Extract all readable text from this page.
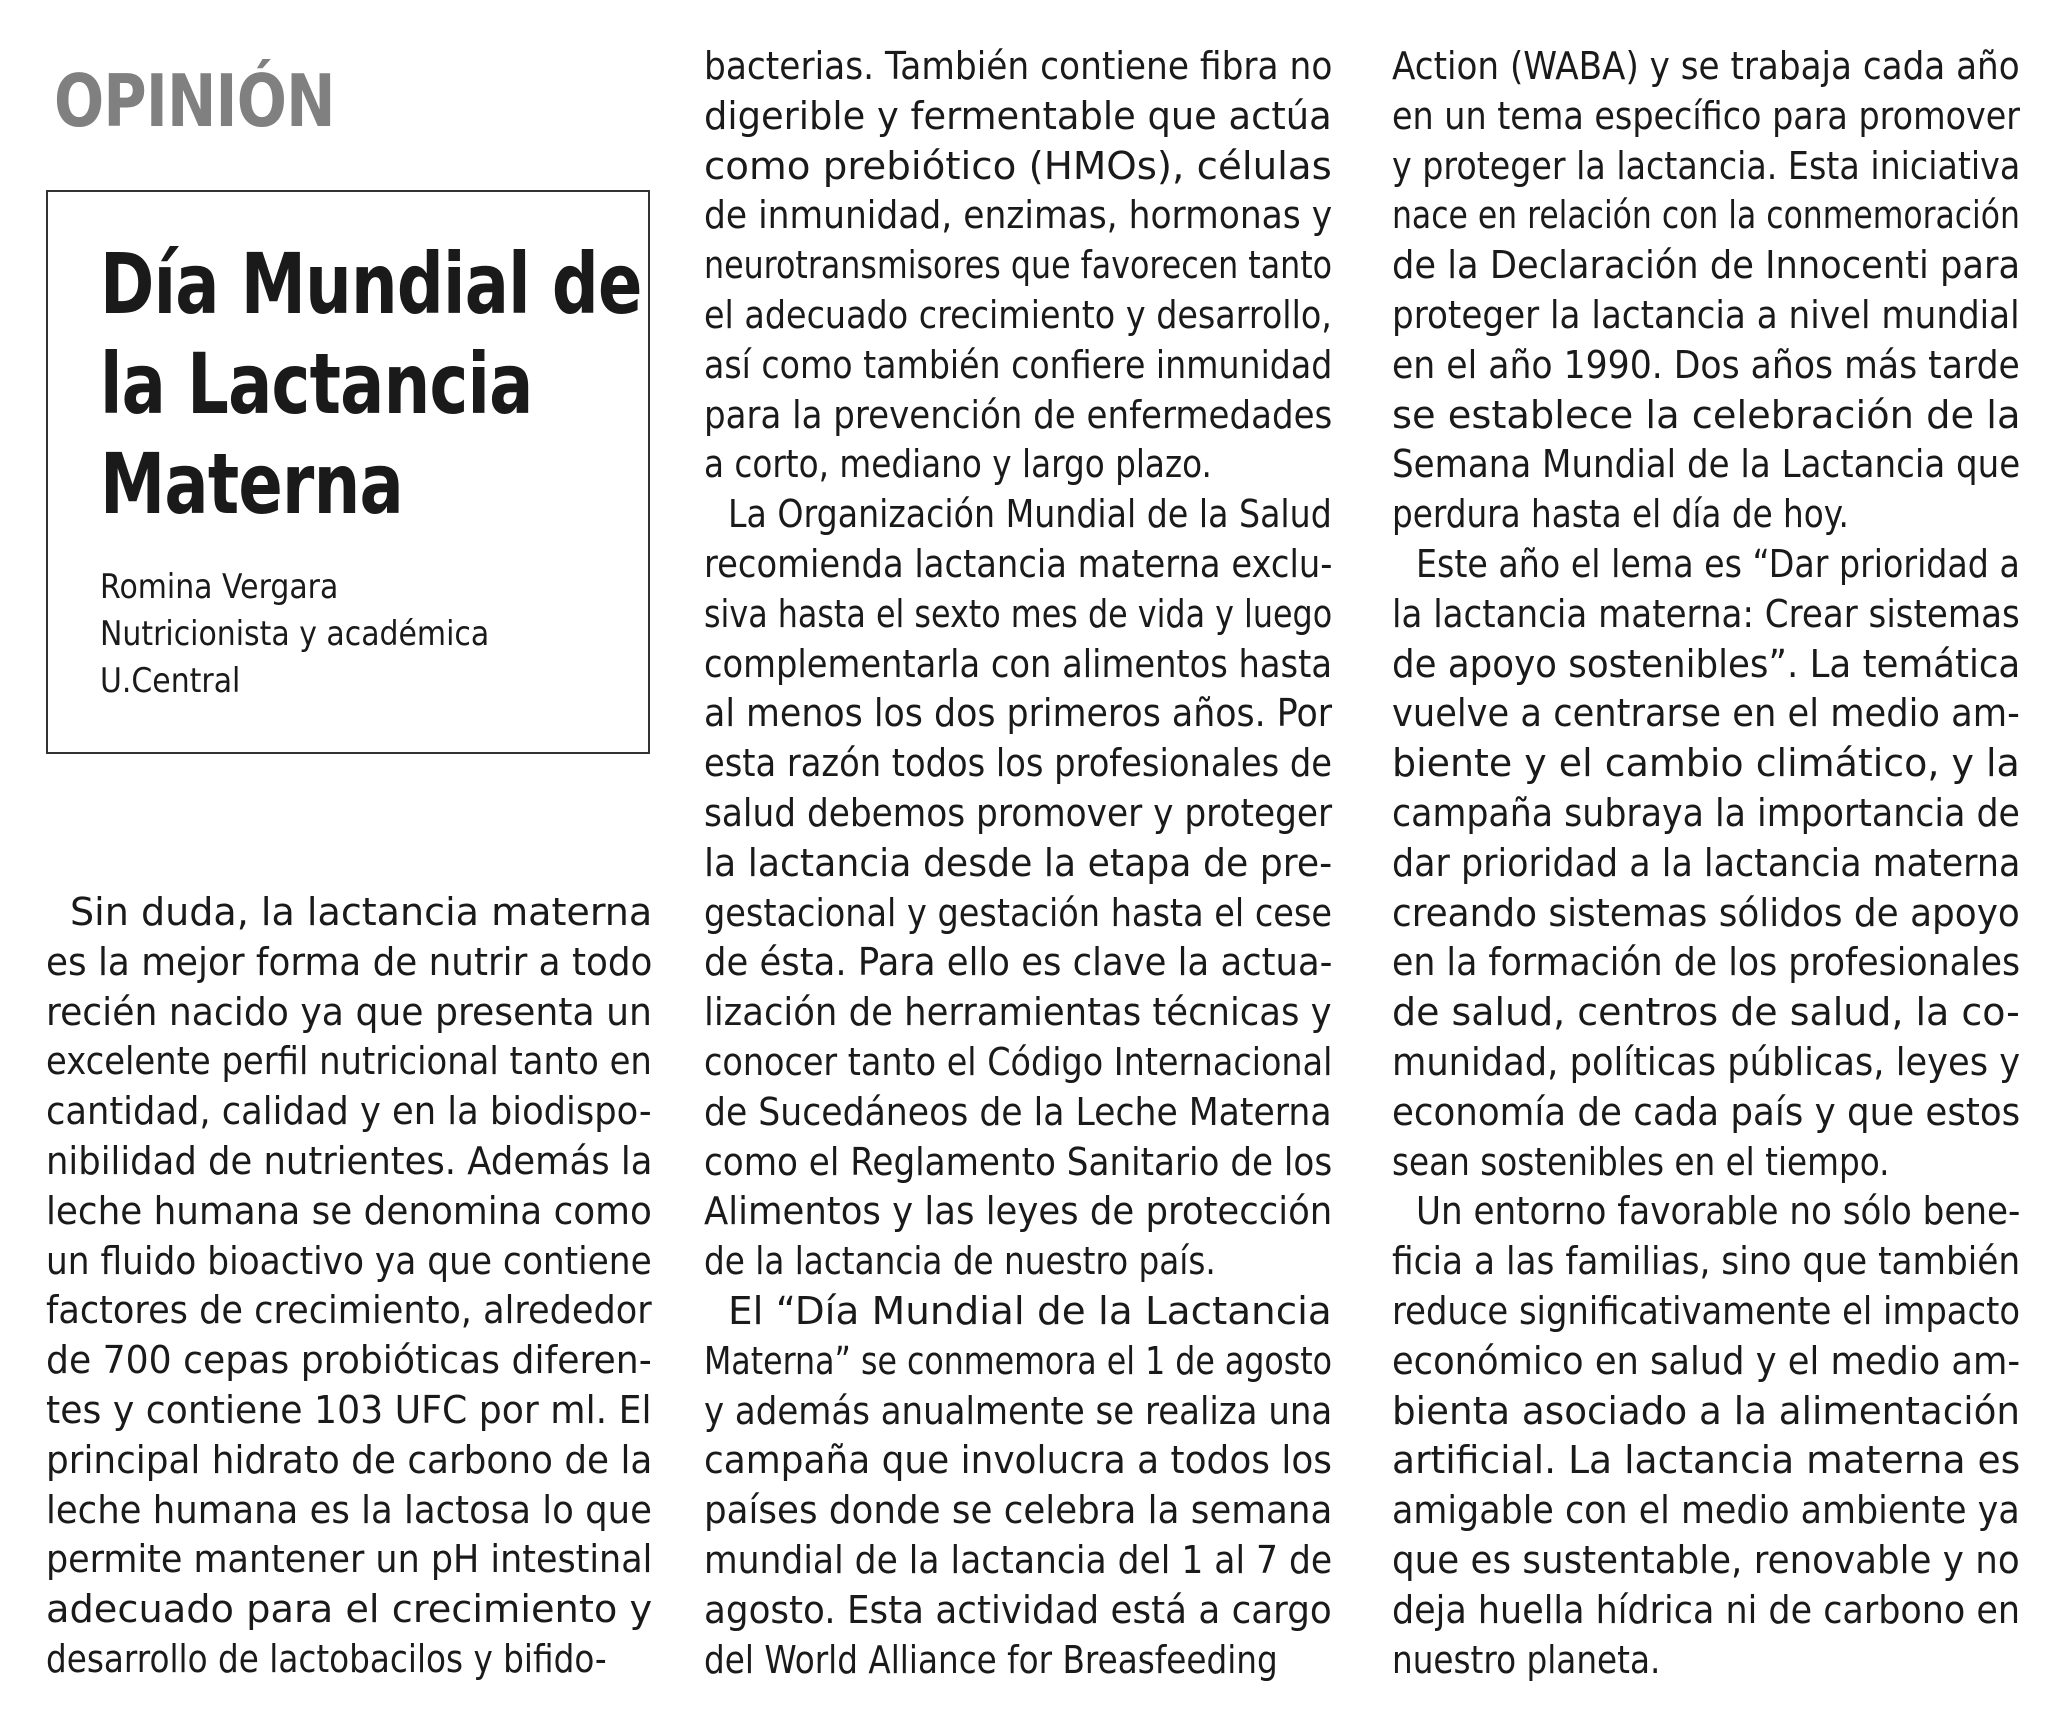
OPINIÓN
Día Mundial de
la Lactancia
Materna
Romina Vergara
Nutricionista y académica
U.Central
Sin duda, la lactancia materna
es la mejor forma de nutrir a todo
recién nacido ya que presenta un
excelente perfil nutricional tanto en
cantidad, calidad y en la biodispo-
nibilidad de nutrientes. Además la
leche humana se denomina como
un fluido bioactivo ya que contiene
factores de crecimiento, alrededor
de 700 cepas probióticas diferen-
tes y contiene 103 UFC por ml. El
principal hidrato de carbono de la
leche humana es la lactosa lo que
permite mantener un pH intestinal
adecuado para el crecimiento y
desarrollo de lactobacilos y bifido-
bacterias. También contiene fibra no
digerible y fermentable que actúa
como prebiótico (HMOs), células
de inmunidad, enzimas, hormonas y
neurotransmisores que favorecen tanto
el adecuado crecimiento y desarrollo,
así como también confiere inmunidad
para la prevención de enfermedades
a corto, mediano y largo plazo.
La Organización Mundial de la Salud
recomienda lactancia materna exclu-
siva hasta el sexto mes de vida y luego
complementarla con alimentos hasta
al menos los dos primeros años. Por
esta razón todos los profesionales de
salud debemos promover y proteger
la lactancia desde la etapa de pre-
gestacional y gestación hasta el cese
de ésta. Para ello es clave la actua-
lización de herramientas técnicas y
conocer tanto el Código Internacional
de Sucedáneos de la Leche Materna
como el Reglamento Sanitario de los
Alimentos y las leyes de protección
de la lactancia de nuestro país.
El “Día Mundial de la Lactancia
Materna” se conmemora el 1 de agosto
y además anualmente se realiza una
campaña que involucra a todos los
países donde se celebra la semana
mundial de la lactancia del 1 al 7 de
agosto. Esta actividad está a cargo
del World Alliance for Breasfeeding
Action (WABA) y se trabaja cada año
en un tema específico para promover
y proteger la lactancia. Esta iniciativa
nace en relación con la conmemoración
de la Declaración de Innocenti para
proteger la lactancia a nivel mundial
en el año 1990. Dos años más tarde
se establece la celebración de la
Semana Mundial de la Lactancia que
perdura hasta el día de hoy.
Este año el lema es “Dar prioridad a
la lactancia materna: Crear sistemas
de apoyo sostenibles”. La temática
vuelve a centrarse en el medio am-
biente y el cambio climático, y la
campaña subraya la importancia de
dar prioridad a la lactancia materna
creando sistemas sólidos de apoyo
en la formación de los profesionales
de salud, centros de salud, la co-
munidad, políticas públicas, leyes y
economía de cada país y que estos
sean sostenibles en el tiempo.
Un entorno favorable no sólo bene-
ficia a las familias, sino que también
reduce significativamente el impacto
económico en salud y el medio am-
bienta asociado a la alimentación
artificial. La lactancia materna es
amigable con el medio ambiente ya
que es sustentable, renovable y no
deja huella hídrica ni de carbono en
nuestro planeta.
